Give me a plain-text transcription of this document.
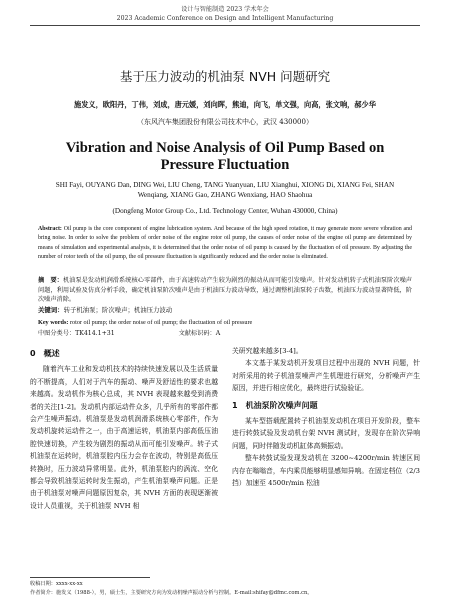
设计与智能制造 2023 学术年会
2023 Academic Conference on Design and Intelligent Manufacturing
基于压力波动的机油泵 NVH 问题研究
施发义，欧阳丹，丁伟，刘成，唐元媛，刘向晖，熊迪，向飞，单文强，向高，张文响，郝少华
（东风汽车集团股份有限公司技术中心，武汉 430000）
Vibration and Noise Analysis of Oil Pump Based on Pressure Fluctuation
SHI Fayi, OUYANG Dan, DING Wei, LIU Cheng, TANG Yuanyuan, LIU Xianghui, XIONG Di, XIANG Fei, SHAN Wenqiang, XIANG Gao, ZHANG Wenxiang, HAO Shaohua
(Dongfeng Motor Group Co., Ltd. Technology Center, Wuhan 430000, China)
Abstract: Oil pump is the core component of engine lubrication system. And because of the high speed rotation, it may generate more severe vibration and bring noise. In order to solve the problem of order noise of the engine rotor oil pump, the causes of order noise of the engine oil pump are determined by means of simulation and experimental analysis, it is determined that the order noise of oil pump is caused by the fluctuation of oil pressure. By adjusting the number of rotor teeth of the oil pump, the oil pressure fluctuation is significantly reduced and the order noise is eliminated.
摘　要：机油泵是发动机润滑系统核心零部件，由于高速转动产生较为剧烈的振动从而可能引发噪声。针对发动机转子式机油泵阶次噪声问题，利用试验及仿真分析手段，确定机油泵阶次噪声是由于机油压力波动导致，通过调整机油泵转子齿数，机油压力波动显著降低，阶次噪声消除。
关键词：转子机油泵；阶次噪声；机油压力波动
Key words: rotor oil pump; the order noise of oil pump; the fluctuation of oil pressure
中图分类号：TK414.1+31	文献标识码：A
0　概述

随着汽车工业和发动机技术的持续快速发展以及生活质量的不断提高，人们对于汽车的振动、噪声及舒适性的要求也越来越高。发动机作为核心总成，其 NVH 表现越来越受到消费者的关注[1-2]。发动机内部运动件众多，几乎所有的零部件都会产生噪声振动。机油泵是发动机润滑系统核心零部件，作为发动机旋转运动件之一，由于高速运转，机油泵内部高低压油腔快速切换，产生较为剧烈的振动从而可能引发噪声。转子式机油泵在运转时，机油泵腔内压力会存在波动，特别是高低压转换时，压力波动异常明显。此外，机油泵腔内的涡流、空化都会导致机油泵运转时发生振动，产生机油泵噪声问题。正是由于机油泵对噪声问题原因复杂，其 NVH 方面的表现逐渐被设计人员重视，关于机油泵 NVH 相

关研究越来越多[3-4]。

本文基于某发动机开发项目过程中出现的 NVH 问题，针对所采用的转子机油泵噪声产生机理进行研究，分析噪声产生原因，并进行相应优化，最终进行试验验证。

1　机油泵阶次噪声问题

某车型搭载配置转子机油泵发动机在项目开发阶段，整车进行转鼓试验及发动机台架 NVH 测试时，发现存在阶次异响问题，同时伴随发动机缸体高频振动。

整车转鼓试验发现发动机在 3200~4200r/min 转速区间内存在嗡嗡音，车内乘员能够明显感知异响。在固定档位（2/3 挡）加速至 4500r/min 松油

收稿日期：xxxx-xx-xx
作者简介：施发义（1988-），男，硕士生，主要研究方向为发动机噪声振动分析与控制。E-mail:shifay@dfmc.com.cn。
